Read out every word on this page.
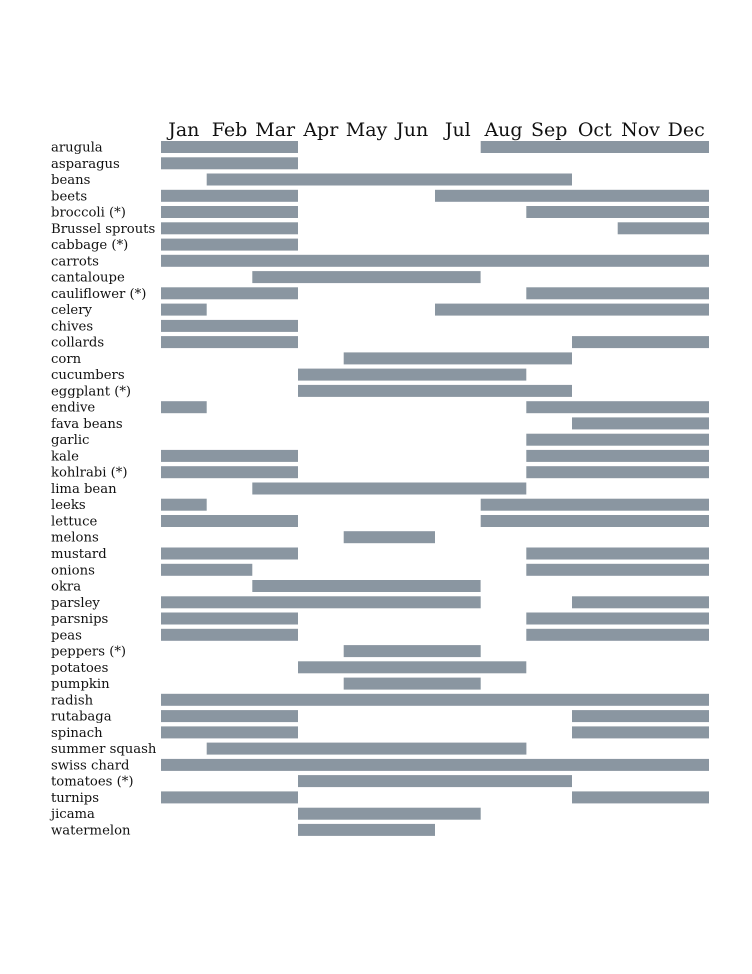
Jan Feb Mar Apr May Jun Jul Aug Sep Oct Nov Dec
arugula
asparagus
beans
beets
broccoli (*)
Brussel sprouts
cabbage (*)
carrots
cantaloupe
cauliflower (*)
celery
chives
collards
corn
cucumbers
eggplant (*)
endive
fava beans
garlic
kale
kohlrabi (*)
lima bean
leeks
lettuce
melons
mustard
onions
okra
parsley
parsnips
peas
peppers (*)
potatoes
pumpkin
radish
rutabaga
spinach
summer squash
swiss chard
tomatoes (*)
turnips
jicama
watermelon
